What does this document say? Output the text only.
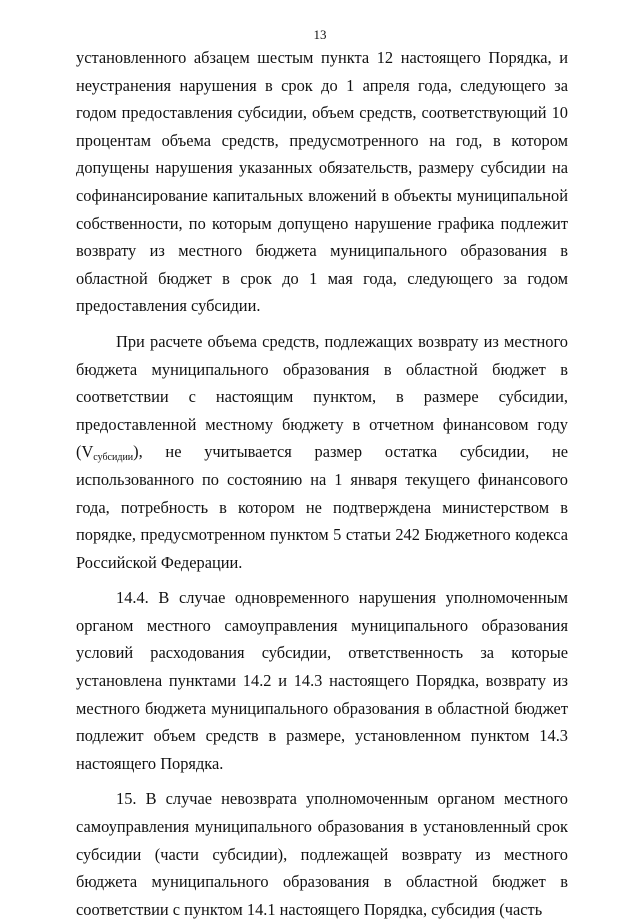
13

установленного абзацем шестым пункта 12 настоящего Порядка, и неустранения нарушения в срок до 1 апреля года, следующего за годом предоставления субсидии, объем средств, соответствующий 10 процентам объема средств, предусмотренного на год, в котором допущены нарушения указанных обязательств, размеру субсидии на софинансирование капитальных вложений в объекты муниципальной собственности, по которым допущено нарушение графика подлежит возврату из местного бюджета муниципального образования в областной бюджет в срок до 1 мая года, следующего за годом предоставления субсидии.

При расчете объема средств, подлежащих возврату из местного бюджета муниципального образования в областной бюджет в соответствии с настоящим пунктом, в размере субсидии, предоставленной местному бюджету в отчетном финансовом году $(V_{субсидии})$, не учитывается размер остатка субсидии, не использованного по состоянию на 1 января текущего финансового года, потребность в котором не подтверждена министерством в порядке, предусмотренном пунктом 5 статьи 242 Бюджетного кодекса Российской Федерации.

14.4. В случае одновременного нарушения уполномоченным органом местного самоуправления муниципального образования условий расходования субсидии, ответственность за которые установлена пунктами 14.2 и 14.3 настоящего Порядка, возврату из местного бюджета муниципального образования в областной бюджет подлежит объем средств в размере, установленном пунктом 14.3 настоящего Порядка.

15. В случае невозврата уполномоченным органом местного самоуправления муниципального образования в установленный срок субсидии (части субсидии), подлежащей возврату из местного бюджета муниципального образования в областной бюджет в соответствии с пунктом 14.1 настоящего Порядка, субсидия (часть
